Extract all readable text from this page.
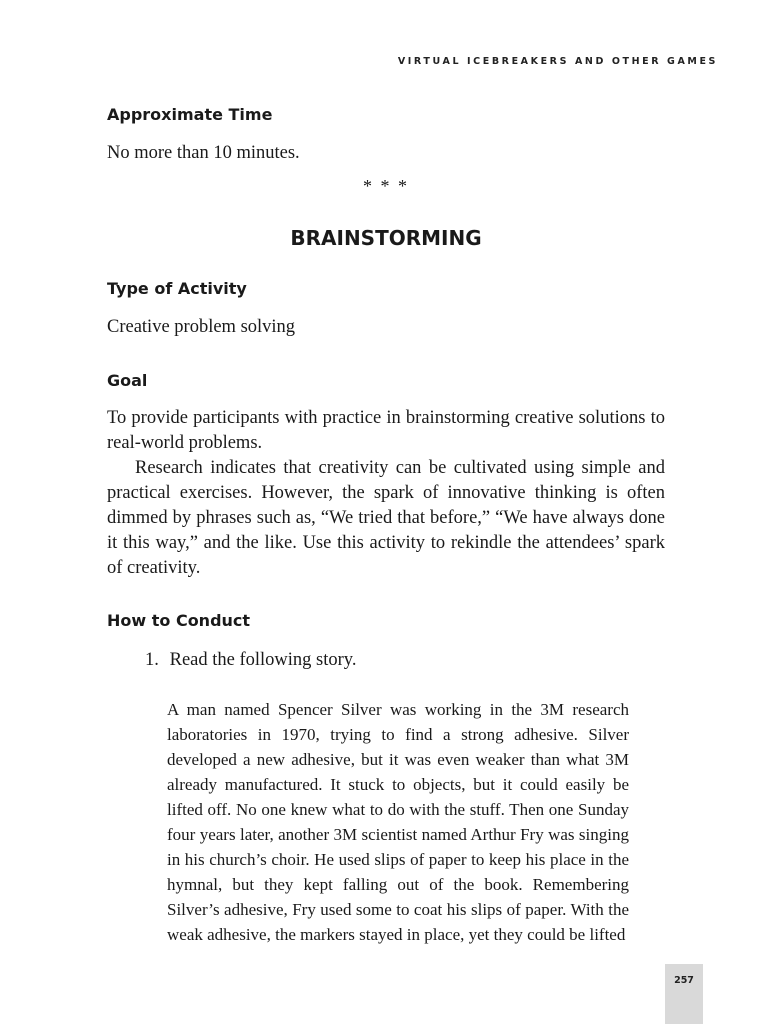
VIRTUAL ICEBREAKERS AND OTHER GAMES
Approximate Time
No more than 10 minutes.
* * *
BRAINSTORMING
Type of Activity
Creative problem solving
Goal
To provide participants with practice in brainstorming creative solutions to real-world problems.
Research indicates that creativity can be cultivated using simple and practical exercises. However, the spark of innovative thinking is often dimmed by phrases such as, “We tried that before,” “We have always done it this way,” and the like. Use this activity to rekindle the attendees’ spark of creativity.
How to Conduct
1. Read the following story.
A man named Spencer Silver was working in the 3M research laboratories in 1970, trying to find a strong adhesive. Silver developed a new adhesive, but it was even weaker than what 3M already manufactured. It stuck to objects, but it could easily be lifted off. No one knew what to do with the stuff. Then one Sunday four years later, another 3M scientist named Arthur Fry was singing in his church’s choir. He used slips of paper to keep his place in the hymnal, but they kept falling out of the book. Remembering Silver’s adhesive, Fry used some to coat his slips of paper. With the weak adhesive, the markers stayed in place, yet they could be lifted
257
